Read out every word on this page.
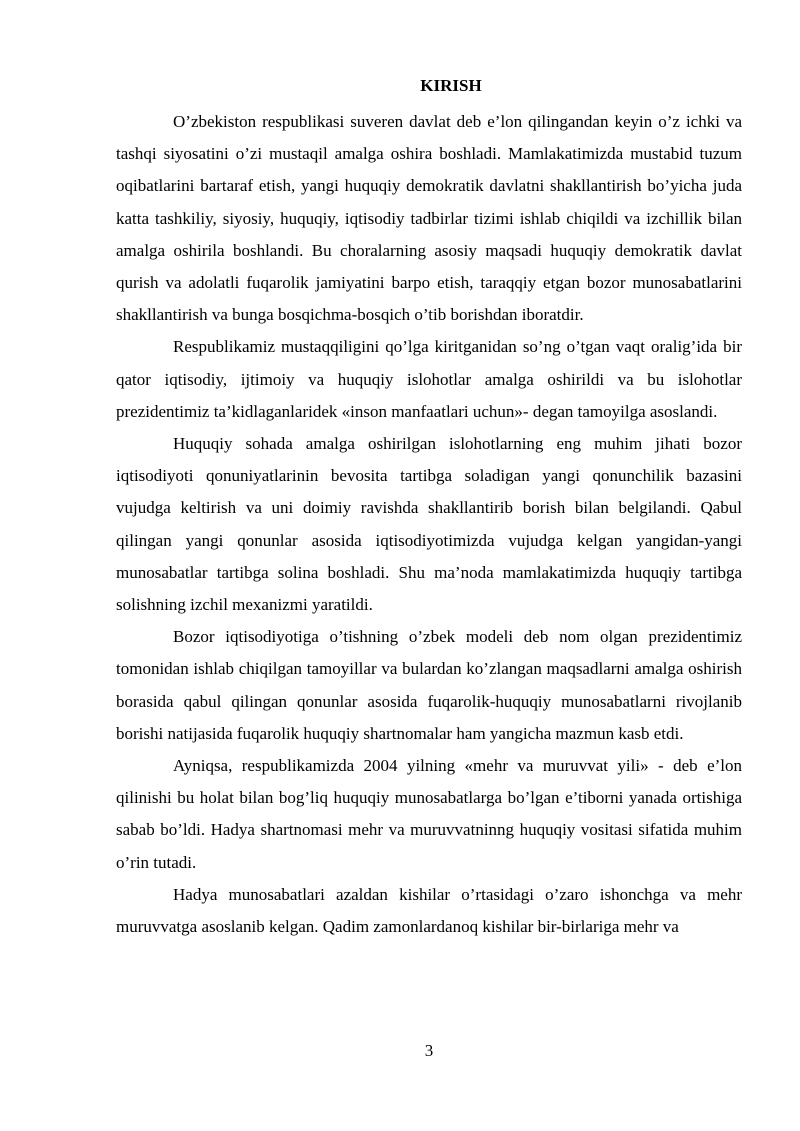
KIRISH

O’zbekiston respublikasi suveren davlat deb e’lon qilingandan keyin o’z ichki va tashqi siyosatini o’zi mustaqil amalga oshira boshladi. Mamlakatimizda mustabid tuzum oqibatlarini bartaraf etish, yangi huquqiy demokratik davlatni shakllantirish bo’yicha juda katta tashkiliy, siyosiy, huquqiy, iqtisodiy tadbirlar tizimi ishlab chiqildi va izchillik bilan amalga oshirila boshlandi. Bu choralarning asosiy maqsadi huquqiy demokratik davlat qurish va adolatli fuqarolik jamiyatini barpo etish, taraqqiy etgan bozor munosabatlarini shakllantirish va bunga bosqichma-bosqich o’tib borishdan iboratdir.

Respublikamiz mustaqqiligini qo’lga kiritganidan so’ng o’tgan vaqt oralig’ida bir qator iqtisodiy, ijtimoiy va huquqiy islohotlar amalga oshirildi va bu islohotlar prezidentimiz ta’kidlaganlaridek «inson manfaatlari uchun»- degan tamoyilga asoslandi.

Huquqiy sohada amalga oshirilgan islohotlarning eng muhim jihati bozor iqtisodiyoti qonuniyatlarinin bevosita tartibga soladigan yangi qonunchilik bazasini vujudga keltirish va uni doimiy ravishda shakllantirib borish bilan belgilandi. Qabul qilingan yangi qonunlar asosida iqtisodiyotimizda vujudga kelgan yangidan-yangi munosabatlar tartibga solina boshladi. Shu ma’noda mamlakatimizda huquqiy tartibga solishning izchil mexanizmi yaratildi.

Bozor iqtisodiyotiga o’tishning o’zbek modeli deb nom olgan prezidentimiz tomonidan ishlab chiqilgan tamoyillar va bulardan ko’zlangan maqsadlarni amalga oshirish borasida qabul qilingan qonunlar asosida fuqarolik-huquqiy munosabatlarni rivojlanib borishi natijasida fuqarolik huquqiy shartnomalar ham yangicha mazmun kasb etdi.

Ayniqsa, respublikamizda 2004 yilning «mehr va muruvvat yili» - deb e’lon qilinishi bu holat bilan bog’liq huquqiy munosabatlarga bo’lgan e’tiborni yanada ortishiga sabab bo’ldi. Hadya shartnomasi mehr va muruvvatninng huquqiy vositasi sifatida muhim o’rin tutadi.

Hadya munosabatlari azaldan kishilar o’rtasidagi o’zaro ishonchga va mehr muruvvatga asoslanib kelgan. Qadim zamonlardanoq kishilar bir-birlariga mehr va

3
